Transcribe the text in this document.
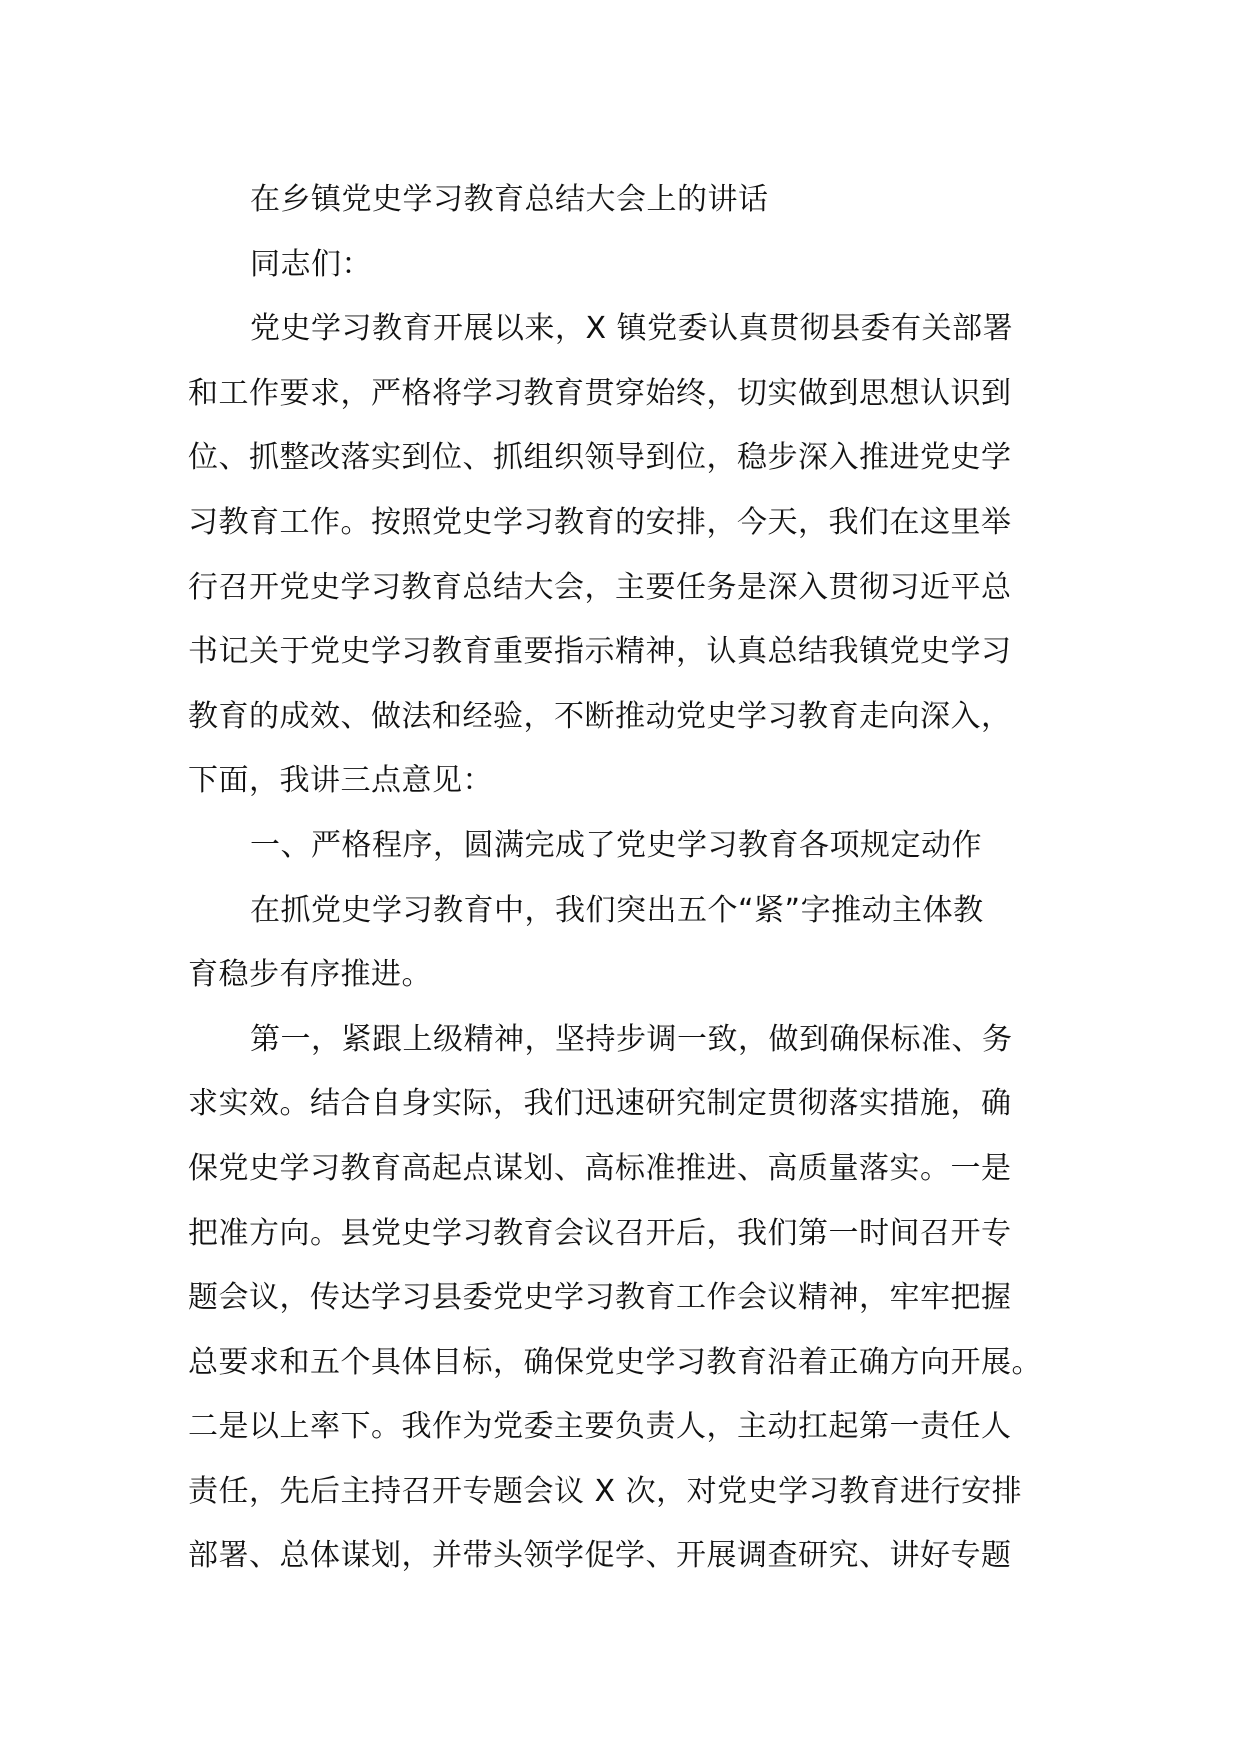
在乡镇党史学习教育总结大会上的讲话
同志们：
党史学习教育开展以来，X 镇党委认真贯彻县委有关部署
和工作要求，严格将学习教育贯穿始终，切实做到思想认识到
位、抓整改落实到位、抓组织领导到位，稳步深入推进党史学
习教育工作。按照党史学习教育的安排，今天，我们在这里举
行召开党史学习教育总结大会，主要任务是深入贯彻习近平总
书记关于党史学习教育重要指示精神，认真总结我镇党史学习
教育的成效、做法和经验，不断推动党史学习教育走向深入，
下面，我讲三点意见：
一、严格程序，圆满完成了党史学习教育各项规定动作
在抓党史学习教育中，我们突出五个“紧”字推动主体教
育稳步有序推进。
第一，紧跟上级精神，坚持步调一致，做到确保标准、务
求实效。结合自身实际，我们迅速研究制定贯彻落实措施，确
保党史学习教育高起点谋划、高标准推进、高质量落实。一是
把准方向。县党史学习教育会议召开后，我们第一时间召开专
题会议，传达学习县委党史学习教育工作会议精神，牢牢把握
总要求和五个具体目标，确保党史学习教育沿着正确方向开展。
二是以上率下。我作为党委主要负责人，主动扛起第一责任人
责任，先后主持召开专题会议 X 次，对党史学习教育进行安排
部署、总体谋划，并带头领学促学、开展调查研究、讲好专题
